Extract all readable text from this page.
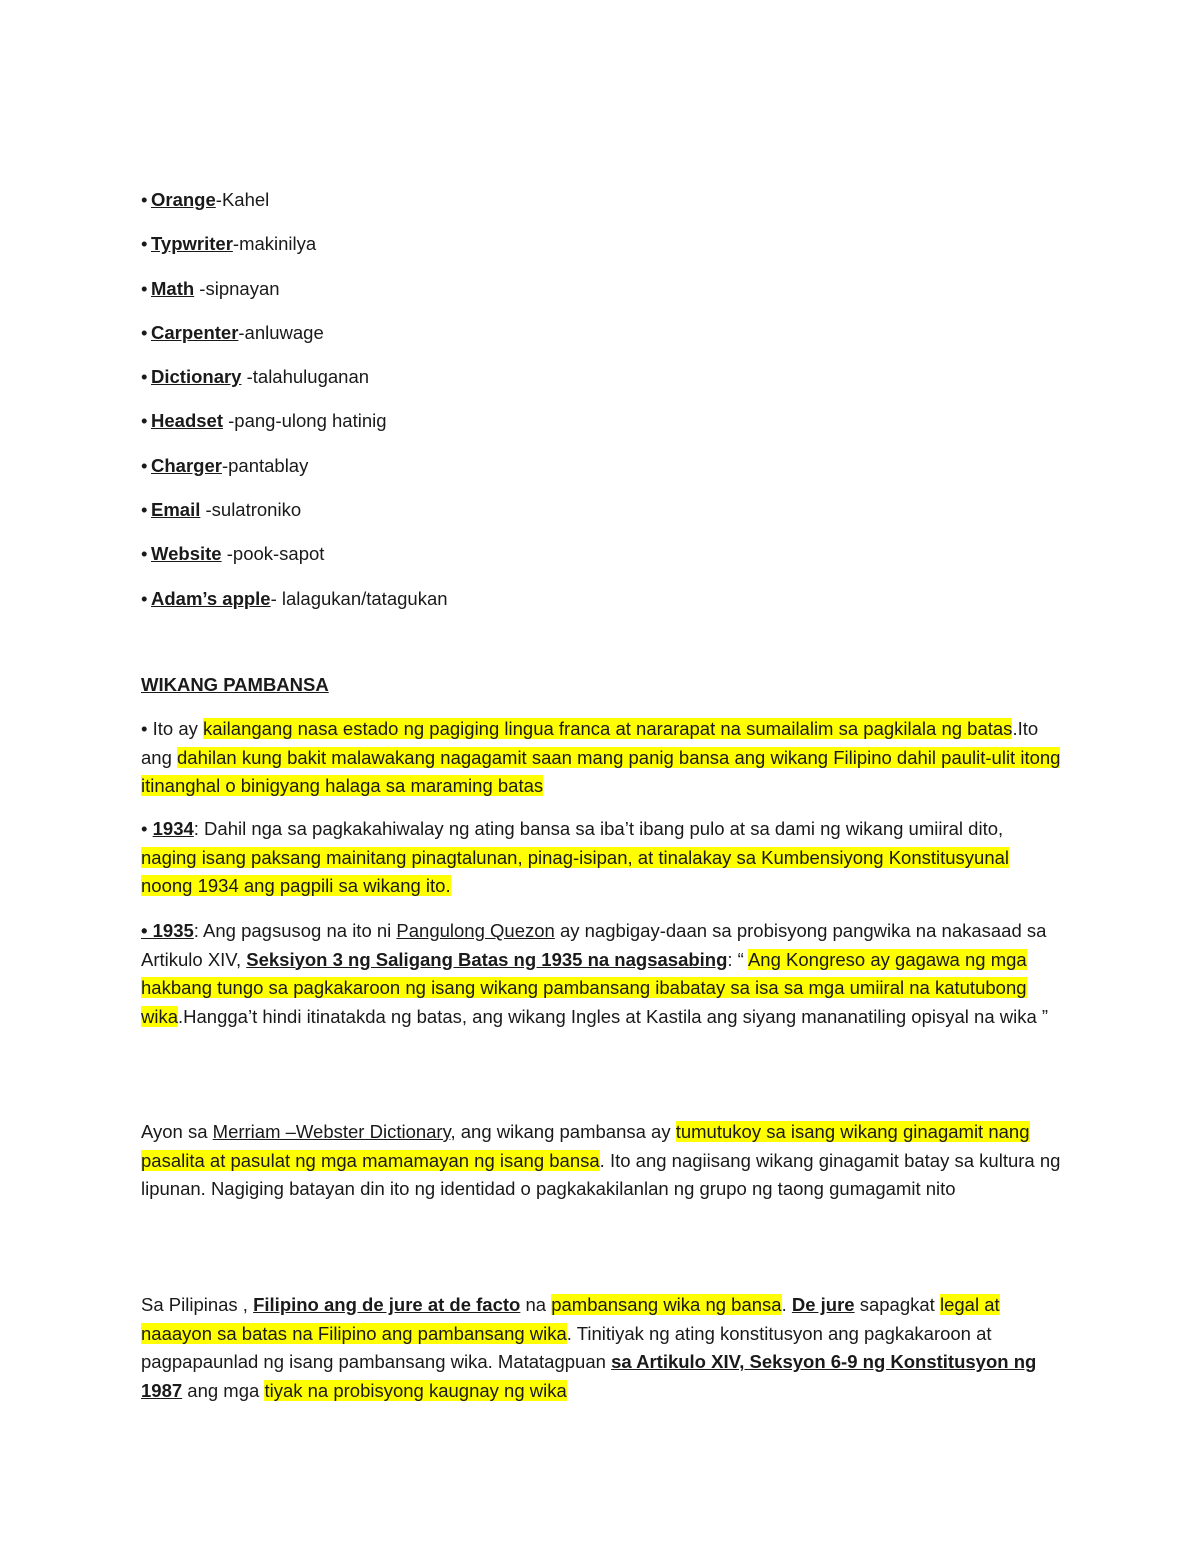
• Orange-Kahel
• Typwriter-makinilya
• Math -sipnayan
• Carpenter-anluwage
• Dictionary -talahuluganan
• Headset -pang-ulong hatinig
• Charger-pantablay
• Email -sulatroniko
• Website -pook-sapot
• Adam’s apple- lalagukan/tatagukan
WIKANG PAMBANSA

• Ito ay kailangang nasa estado ng pagiging lingua franca at nararapat na sumailalim sa pagkilala ng batas.Ito ang dahilan kung bakit malawakang nagagamit saan mang panig bansa ang wikang Filipino dahil paulit-ulit itong itinanghal o binigyang halaga sa maraming batas

• 1934: Dahil nga sa pagkakahiwalay ng ating bansa sa iba’t ibang pulo at sa dami ng wikang umiiral dito, naging isang paksang mainitang pinagtalunan, pinag-isipan, at tinalakay sa Kumbensiyong Konstitusyunal noong 1934 ang pagpili sa wikang ito.

• 1935: Ang pagsusog na ito ni Pangulong Quezon ay nagbigay-daan sa probisyong pangwika na nakasaad sa Artikulo XIV, Seksiyon 3 ng Saligang Batas ng 1935 na nagsasabing: “ Ang Kongreso ay gagawa ng mga hakbang tungo sa pagkakaroon ng isang wikang pambansang ibabatay sa isa sa mga umiiral na katutubong wika.Hangga’t hindi itinatakda ng batas, ang wikang Ingles at Kastila ang siyang mananatiling opisyal na wika ”

Ayon sa Merriam –Webster Dictionary, ang wikang pambansa ay tumutukoy sa isang wikang ginagamit nang pasalita at pasulat ng mga mamamayan ng isang bansa. Ito ang nagiisang wikang ginagamit batay sa kultura ng lipunan. Nagiging batayan din ito ng identidad o pagkakakilanlan ng grupo ng taong gumagamit nito

Sa Pilipinas , Filipino ang de jure at de facto na pambansang wika ng bansa. De jure sapagkat legal at naaayon sa batas na Filipino ang pambansang wika. Tinitiyak ng ating konstitusyon ang pagkakaroon at pagpapaunlad ng isang pambansang wika. Matatagpuan sa Artikulo XIV, Seksyon 6-9 ng Konstitusyon ng 1987 ang mga tiyak na probisyong kaugnay ng wika
